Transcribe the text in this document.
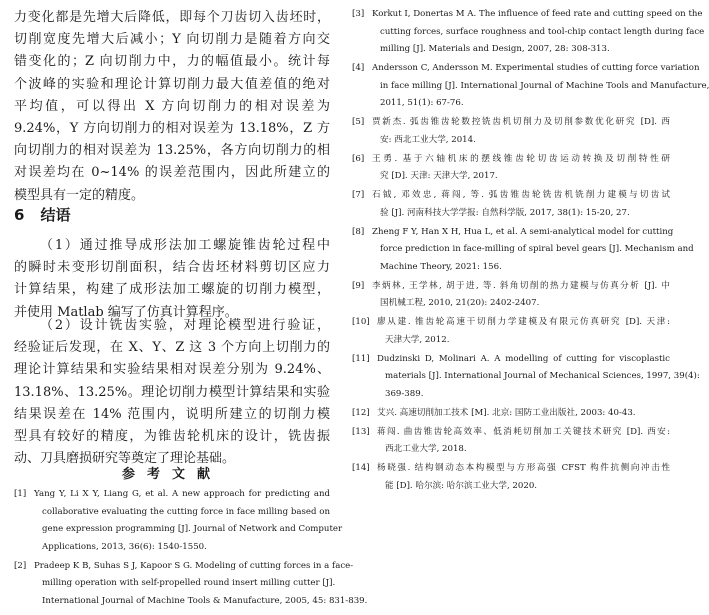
力变化都是先增大后降低，即每个刀齿切入齿坯时，
切削宽度先增大后减小；Y 向切削力是随着方向交
错变化的；Z 向切削力中，力的幅值最小。统计每
个波峰的实验和理论计算切削力最大值差值的绝对
平均值，可以得出 X 方向切削力的相对误差为
9.24%，Y 方向切削力的相对误差为 13.18%，Z 方
向切削力的相对误差为 13.25%，各方向切削力的相
对误差均在 0~14% 的误差范围内，因此所建立的
模型具有一定的精度。
6 结语
（1）通过推导成形法加工螺旋锥齿轮过程中
的瞬时未变形切削面积，结合齿坯材料剪切区应力
计算结果，构建了成形法加工螺旋的切削力模型，
并使用 Matlab 编写了仿真计算程序。
（2）设计铣齿实验，对理论模型进行验证，
经验证后发现，在 X、Y、Z 这 3 个方向上切削力的
理论计算结果和实验结果相对误差分别为 9.24%、
13.18%、13.25%。理论切削力模型计算结果和实验
结果误差在 14% 范围内，说明所建立的切削力模
型具有较好的精度，为锥齿轮机床的设计，铣齿振
动、刀具磨损研究等奠定了理论基础。
参考文献
[1] Yang Y, Li X Y, Liang G, et al. A new approach for predicting and
collaborative evaluating the cutting force in face milling based on
gene expression programming [J]. Journal of Network and Computer
Applications, 2013, 36(6): 1540-1550.
[2] Pradeep K B, Suhas S J, Kapoor S G. Modeling of cutting forces in a face-
milling operation with self-propelled round insert milling cutter [J].
International Journal of Machine Tools & Manufacture, 2005, 45: 831-839.
[3] Korkut I, Donertas M A. The influence of feed rate and cutting speed on the
cutting forces, surface roughness and tool-chip contact length during face
milling [J]. Materials and Design, 2007, 28: 308-313.
[4] Andersson C, Andersson M. Experimental studies of cutting force variation
in face milling [J]. International Journal of Machine Tools and Manufacture,
2011, 51(1): 67-76.
[5] 贾新杰. 弧齿锥齿轮数控铣齿机切削力及切削参数优化研究 [D]. 西
安: 西北工业大学, 2014.
[6] 王勇. 基于六轴机床的摆线锥齿轮切齿运动转换及切削特性研
究 [D]. 天津: 天津大学, 2017.
[7] 石钺, 邓效忠, 蒋闯, 等. 弧齿锥齿轮铣齿机铣削力建模与切齿试
验 [J]. 河南科技大学学报: 自然科学版, 2017, 38(1): 15-20, 27.
[8] Zheng F Y, Han X H, Hua L, et al. A semi-analytical model for cutting
force prediction in face-milling of spiral bevel gears [J]. Mechanism and
Machine Theory, 2021: 156.
[9] 李炳林, 王学林, 胡于进, 等. 斜角切削的热力建模与仿真分析 [J]. 中
国机械工程, 2010, 21(20): 2402-2407.
[10] 廖从建. 锥齿轮高速干切削力学建模及有限元仿真研究 [D]. 天津:
天津大学, 2012.
[11] Dudzinski D, Molinari A. A modelling of cutting for viscoplastic
materials [J]. International Journal of Mechanical Sciences, 1997, 39(4):
369-389.
[12] 艾兴. 高速切削加工技术 [M]. 北京: 国防工业出版社, 2003: 40-43.
[13] 蒋闯. 曲齿锥齿轮高效率、低消耗切削加工关键技术研究 [D]. 西安:
西北工业大学, 2018.
[14] 杨晓强. 结构钢动态本构模型与方形高强 CFST 构件抗侧向冲击性
能 [D]. 哈尔滨: 哈尔滨工业大学, 2020.
